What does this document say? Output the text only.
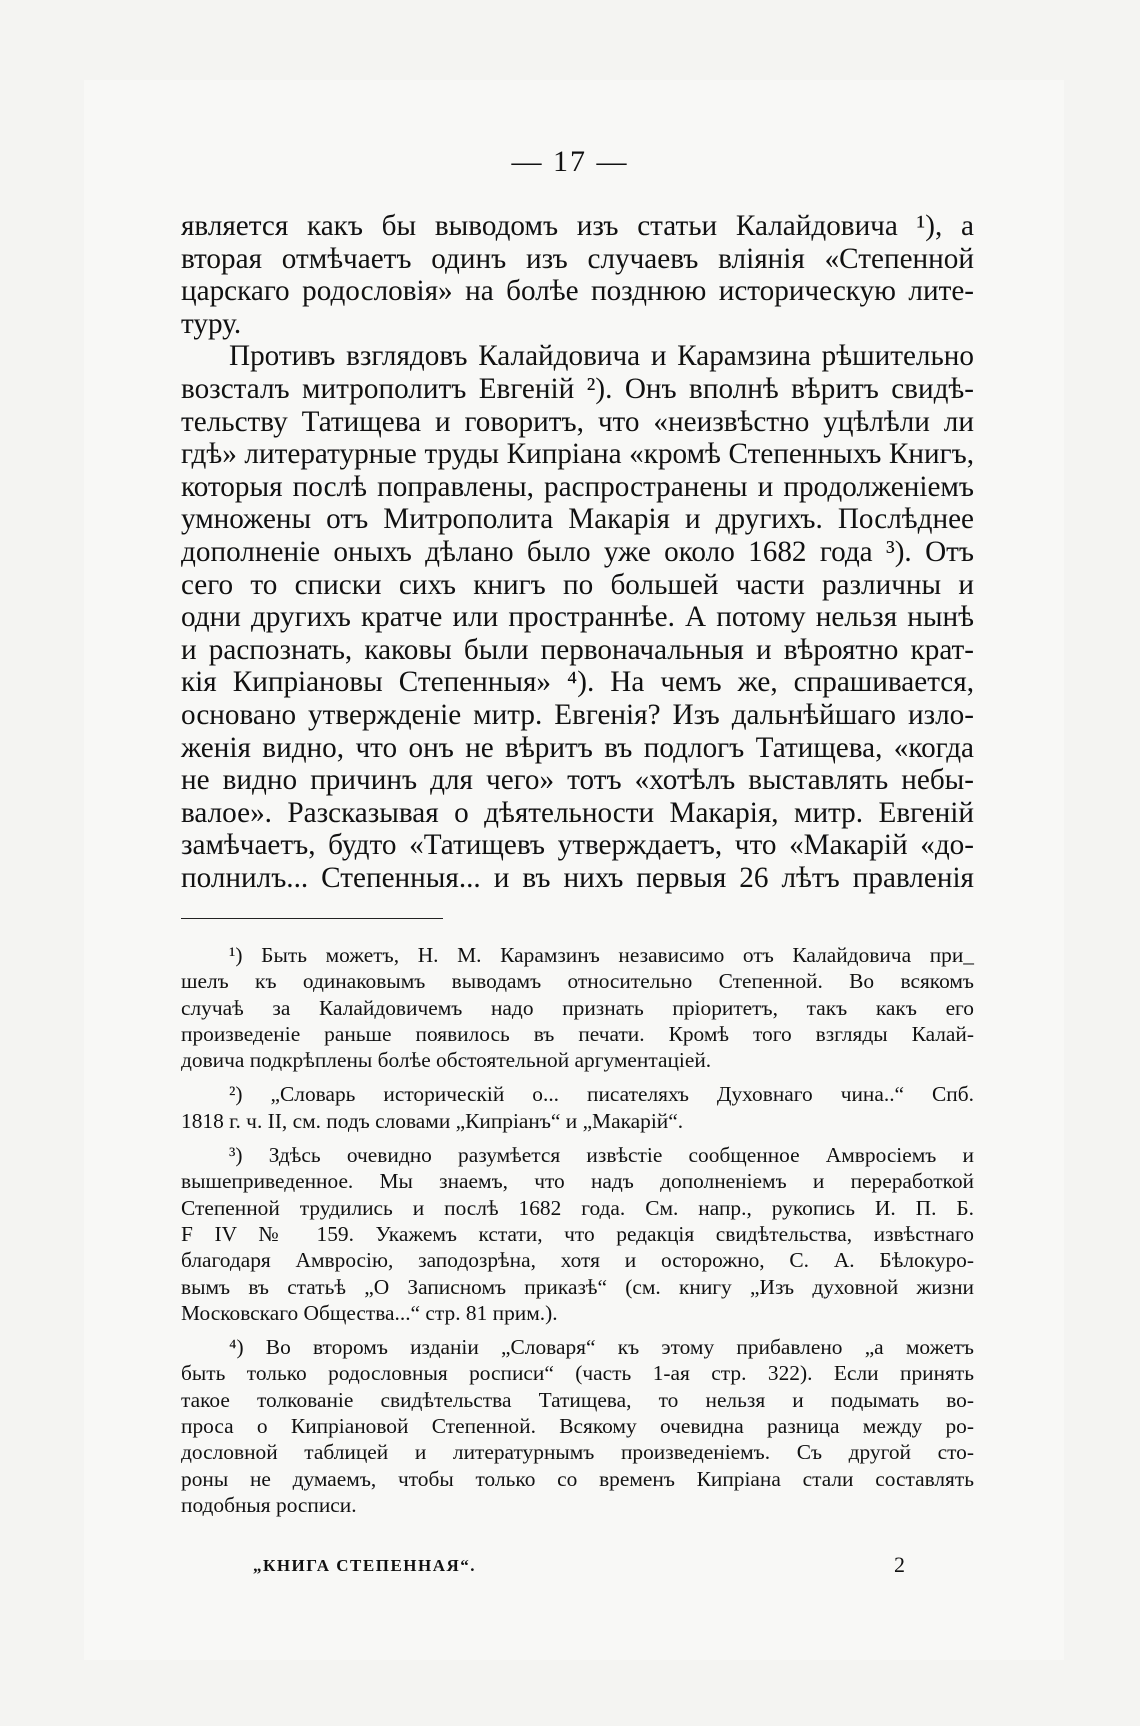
— 17 —
является какъ бы выводомъ изъ статьи Калайдовича ¹), а
вторая отмѣчаетъ одинъ изъ случаевъ вліянія «Степенной
царскаго родословія» на болѣе позднюю историческую лите-
туру.
Противъ взглядовъ Калайдовича и Карамзина рѣшительно
возсталъ митрополитъ Евгеній ²). Онъ вполнѣ вѣритъ свидѣ-
тельству Татищева и говоритъ, что «неизвѣстно уцѣлѣли ли
гдѣ» литературные труды Кипріана «кромѣ Степенныхъ Книгъ,
которыя послѣ поправлены, распространены и продолженіемъ
умножены отъ Митрополита Макарія и другихъ. Послѣднее
дополненіе оныхъ дѣлано было уже около 1682 года ³). Отъ
сего то списки сихъ книгъ по большей части различны и
одни другихъ кратче или пространнѣе. А потому нельзя нынѣ
и распознать, каковы были первоначальныя и вѣроятно крат-
кія Кипріановы Степенныя» ⁴). На чемъ же, спрашивается,
основано утвержденіе митр. Евгенія? Изъ дальнѣйшаго изло-
женія видно, что онъ не вѣритъ въ подлогъ Татищева, «когда
не видно причинъ для чего» тотъ «хотѣлъ выставлять небы-
валое». Разсказывая о дѣятельности Макарія, митр. Евгеній
замѣчаетъ, будто «Татищевъ утверждаетъ, что «Макарій «до-
полнилъ... Степенныя... и въ нихъ первыя 26 лѣтъ правленія
¹) Быть можетъ, Н. М. Карамзинъ независимо отъ Калайдовича при_
шелъ къ одинаковымъ выводамъ относительно Степенной. Во всякомъ
случаѣ за Калайдовичемъ надо признать пріоритетъ, такъ какъ его
произведеніе раньше появилось въ печати. Кромѣ того взгляды Калай-
довича подкрѣплены болѣе обстоятельной аргументаціей.
²) „Словарь историческій о... писателяхъ Духовнаго чина..“ Спб.
1818 г. ч. II, см. подъ словами „Кипріанъ“ и „Макарій“.
³) Здѣсь очевидно разумѣется извѣстіе сообщенное Амвросіемъ и
вышеприведенное. Мы знаемъ, что надъ дополненіемъ и переработкой
Степенной трудились и послѣ 1682 года. См. напр., рукопись И. П. Б.
F IV № 159. Укажемъ кстати, что редакція свидѣтельства, извѣстнаго
благодаря Амвросію, заподозрѣна, хотя и осторожно, С. А. Бѣлокуро-
вымъ въ статьѣ „О Записномъ приказѣ“ (см. книгу „Изъ духовной жизни
Московскаго Общества...“ стр. 81 прим.).
⁴) Во второмъ изданіи „Словаря“ къ этому прибавлено „а можетъ
быть только родословныя росписи“ (часть 1-ая стр. 322). Если принять
такое толкованіе свидѣтельства Татищева, то нельзя и подымать во-
проса о Кипріановой Степенной. Всякому очевидна разница между ро-
дословной таблицей и литературнымъ произведеніемъ. Съ другой сто-
роны не думаемъ, чтобы только со временъ Кипріана стали составлять
подобныя росписи.
„КНИГА СТЕПЕННАЯ“.	2
